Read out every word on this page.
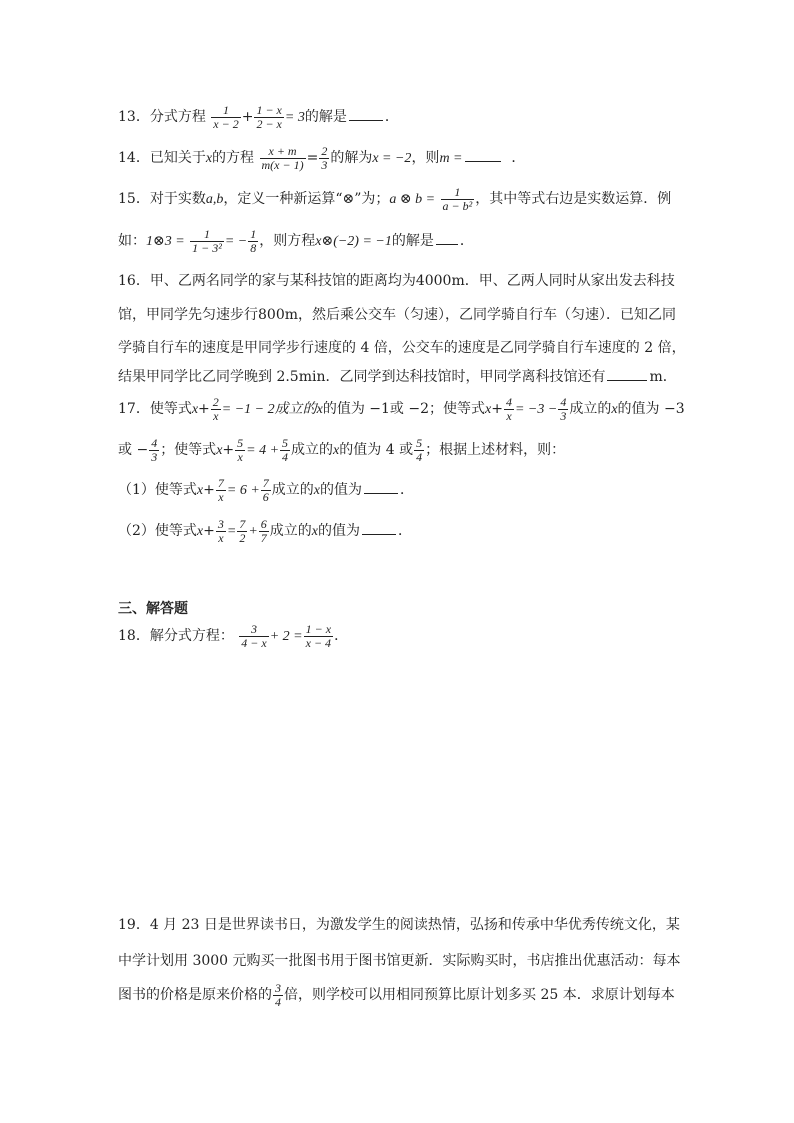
13．分式方程 $\frac{1}{x - 2} + \frac{1 - x}{2 - x} = 3$的解是	．
14．已知关于x的方程 $\frac{x + m}{m(x - 1)} = \frac{2}{3}$ 的解为x = −2，则m =	．
15．对于实数a,b，定义一种新运算“⊗”为；a ⊗ $b = \frac{1}{\text{a − b²}}$ ，其中等式右边是实数运算．例
如：1⊗3 = $\frac{1}{\text{1 − 3²}}$ = − $\frac{1}{8}$ ，则方程x⊗(−2) = −1的解是 ．
16．甲、乙两名同学的家与某科技馆的距离均为4000m．甲、乙两人同时从家出发去科技
馆，甲同学先匀速步行800m，然后乘公交车（匀速），乙同学骑自行车（匀速）．已知乙同
学骑自行车的速度是甲同学步行速度的 4 倍，公交车的速度是乙同学骑自行车速度的 2 倍，
结果甲同学比乙同学晚到 2.5min．乙同学到达科技馆时，甲同学离科技馆还有	m．
17．使等式$x+ \frac{2}{x} = -1 - 2$成立的x的值为 −1或 −2；使等式$x+ \frac{4}{x} = -3 - \frac{4}{3}$ 成立的x的值为 −3
或 − $\frac{4}{3}$ ；使等式$x+ \frac{5}{x} = 4 + \frac{5}{4}$ 成立的x的值为 4 或 $\frac{5}{4}$ ；根据上述材料，则：
（1）使等式$x+ \frac{7}{x} = 6 + \frac{7}{6}$ 成立的x的值为	．
（2）使等式$x+ \frac{3}{x} = \frac{7}{2} + \frac{6}{7}$ 成立的x的值为	．
三、解答题
18．解分式方程： $\frac{3}{4 - x} + 2 = \frac{1 - x}{x - 4}$ ．
19．4 月 23 日是世界读书日，为激发学生的阅读热情，弘扬和传承中华优秀传统文化，某
中学计划用 3000 元购买一批图书用于图书馆更新．实际购买时，书店推出优惠活动：每本
图书的价格是原来价格的 $\frac{3}{4}$ 倍，则学校可以用相同预算比原计划多买 25 本．求原计划每本
